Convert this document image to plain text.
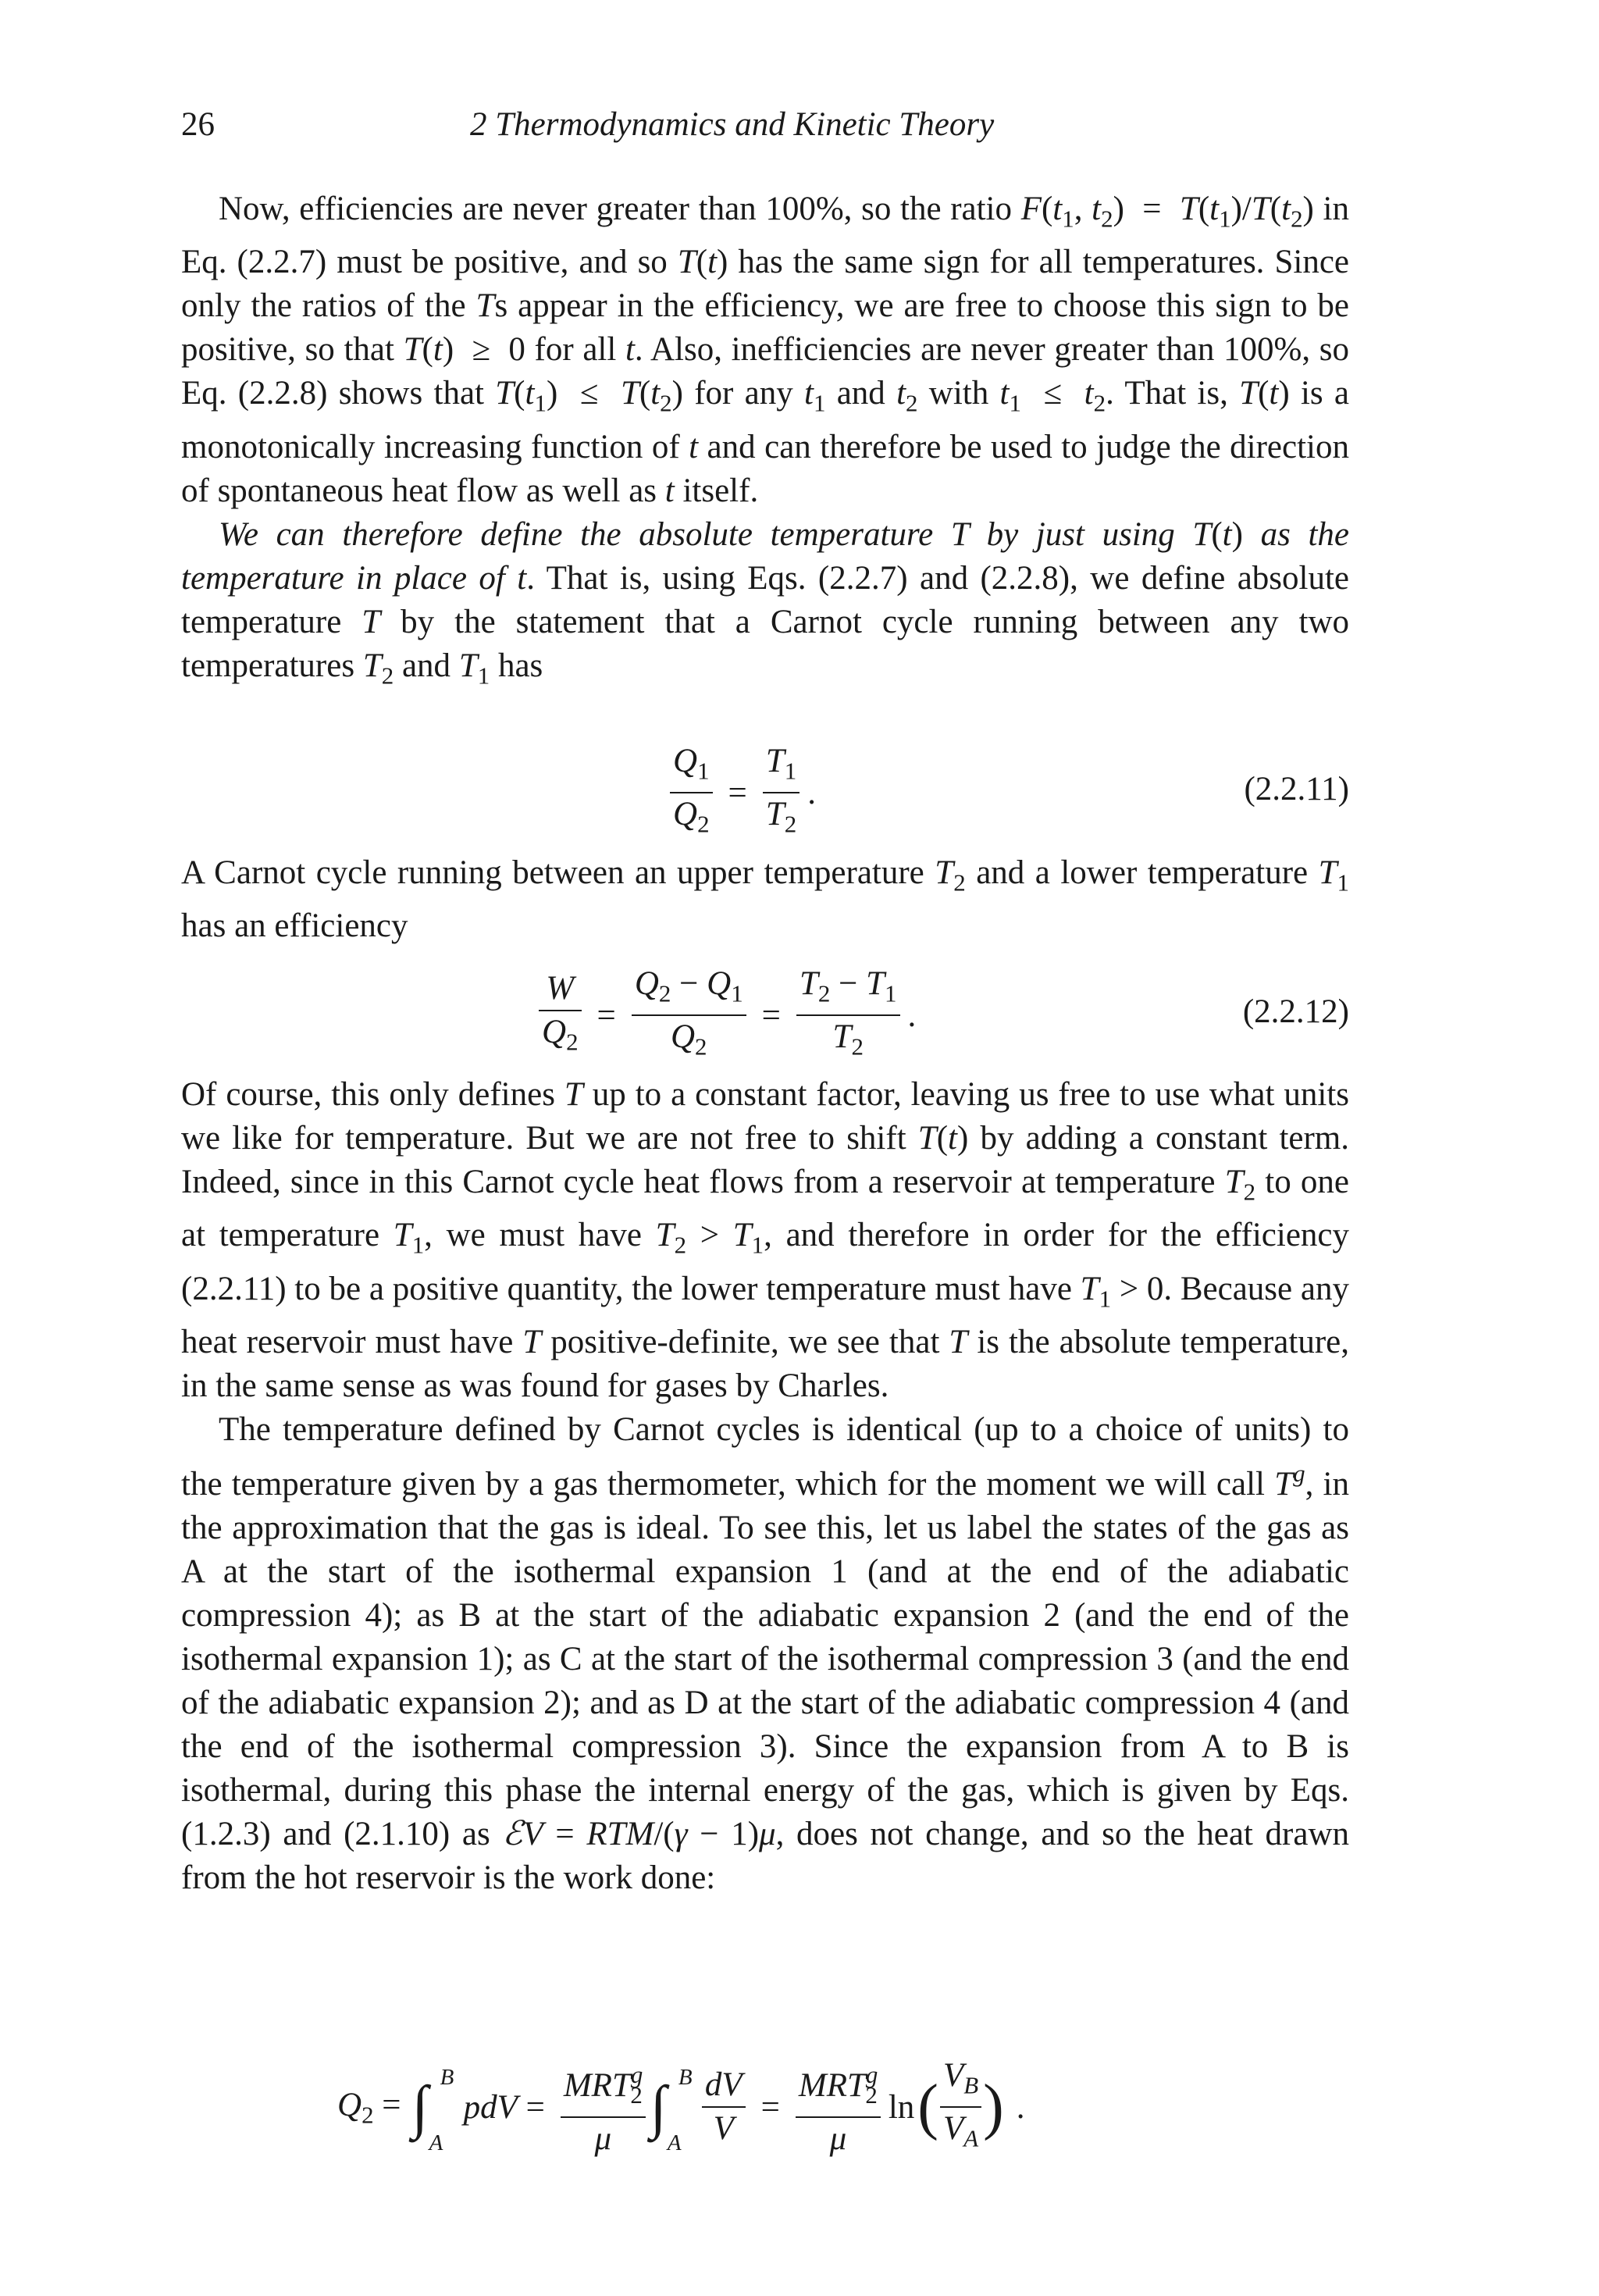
26	2 Thermodynamics and Kinetic Theory

Now, efficiencies are never greater than 100%, so the ratio $F(t_1$, $t_2) = T(t_1)/T(t_2)$ in Eq. (2.2.7) must be positive, and so T(t) has the same sign for all temperatures. Since only the ratios of the Ts appear in the efficiency, we are free to choose this sign to be positive, so that T(t)  ≥  0 for all t. Also, inefficiencies are never greater than 100%, so Eq. (2.2.8) shows that $T(t_1) \le T(t_2)$ for any $t_1$ and $t_2$ with $t_1 \le t_2$. That is, T(t) is a monotonically increasing function of t and can therefore be used to judge the direction of spontaneous heat flow as well as t itself.

We can therefore define the absolute temperature T by just using T(t) as the temperature in place of t. That is, using Eqs. (2.2.7) and (2.2.8), we define absolute temperature T by the statement that a Carnot cycle running between any two temperatures $T_2$ and $T_1$ has

$\frac{Q_1}{Q_2} = \frac{T_1}{T_2}$ .	(2.2.11)

A Carnot cycle running between an upper temperature $T_2$ and a lower temperature $T_1$ has an efficiency

$\frac{W}{Q_2} = \frac{Q_2 - Q_1}{Q_2} = \frac{T_2 - T_1}{T_2}$ .	(2.2.12)

Of course, this only defines T up to a constant factor, leaving us free to use what units we like for temperature. But we are not free to shift T(t) by adding a constant term. Indeed, since in this Carnot cycle heat flows from a reservoir at temperature $T_2$ to one at temperature $T_1$, we must have $T_2 > T_1$, and therefore in order for the efficiency (2.2.11) to be a positive quantity, the lower temperature must have $T_1 > 0$. Because any heat reservoir must have T positive-definite, we see that T is the absolute temperature, in the same sense as was found for gases by Charles.

The temperature defined by Carnot cycles is identical (up to a choice of units) to the temperature given by a gas thermometer, which for the moment we will call $T^g$, in the approximation that the gas is ideal. To see this, let us label the states of the gas as A at the start of the isothermal expansion 1 (and at the end of the adiabatic compression 4); as B at the start of the adiabatic expansion 2 (and the end of the isothermal expansion 1); as C at the start of the isothermal compression 3 (and the end of the adiabatic expansion 2); and as D at the start of the adiabatic compression 4 (and the end of the isothermal compression 3). Since the expansion from A to B is isothermal, during this phase the internal energy of the gas, which is given by Eqs. (1.2.3) and (2.1.10) as ℰV = RTM/(γ − 1)μ, does not change, and so the heat drawn from the hot reservoir is the work done:

$Q_2$ = ∫ B
A
pdV = $\frac{MRT^g_2}{\mu}$ ∫ B
A $\frac{dV}{V} = \frac{MRT^g_2}{\mu} \ln( \frac{V_B}{V_A}$ ) .
